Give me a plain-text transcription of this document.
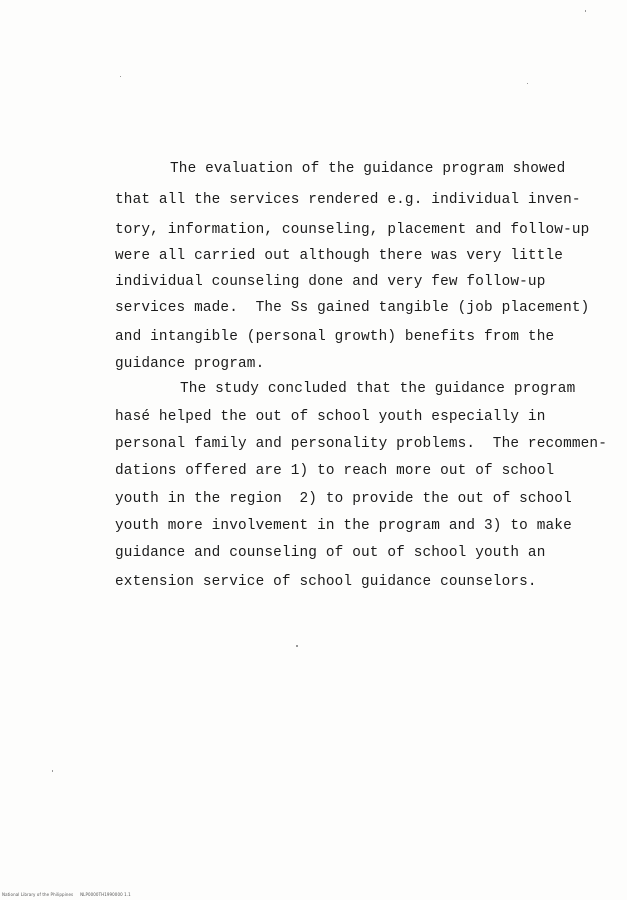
The evaluation of the guidance program showed
that all the services rendered e.g. individual inven-
tory, information, counseling, placement and follow-up
were all carried out although there was very little
individual counseling done and very few follow-up
services made.  The Ss gained tangible (job placement)
and intangible (personal growth) benefits from the
guidance program.
The study concluded that the guidance program
hasé helped the out of school youth especially in
personal family and personality problems.  The recommen-
dations offered are 1) to reach more out of school
youth in the region  2) to provide the out of school
youth more involvement in the program and 3) to make
guidance and counseling of out of school youth an
extension service of school guidance counselors.
National Library of the Philippines     NLP0000TH1990000 1.1
